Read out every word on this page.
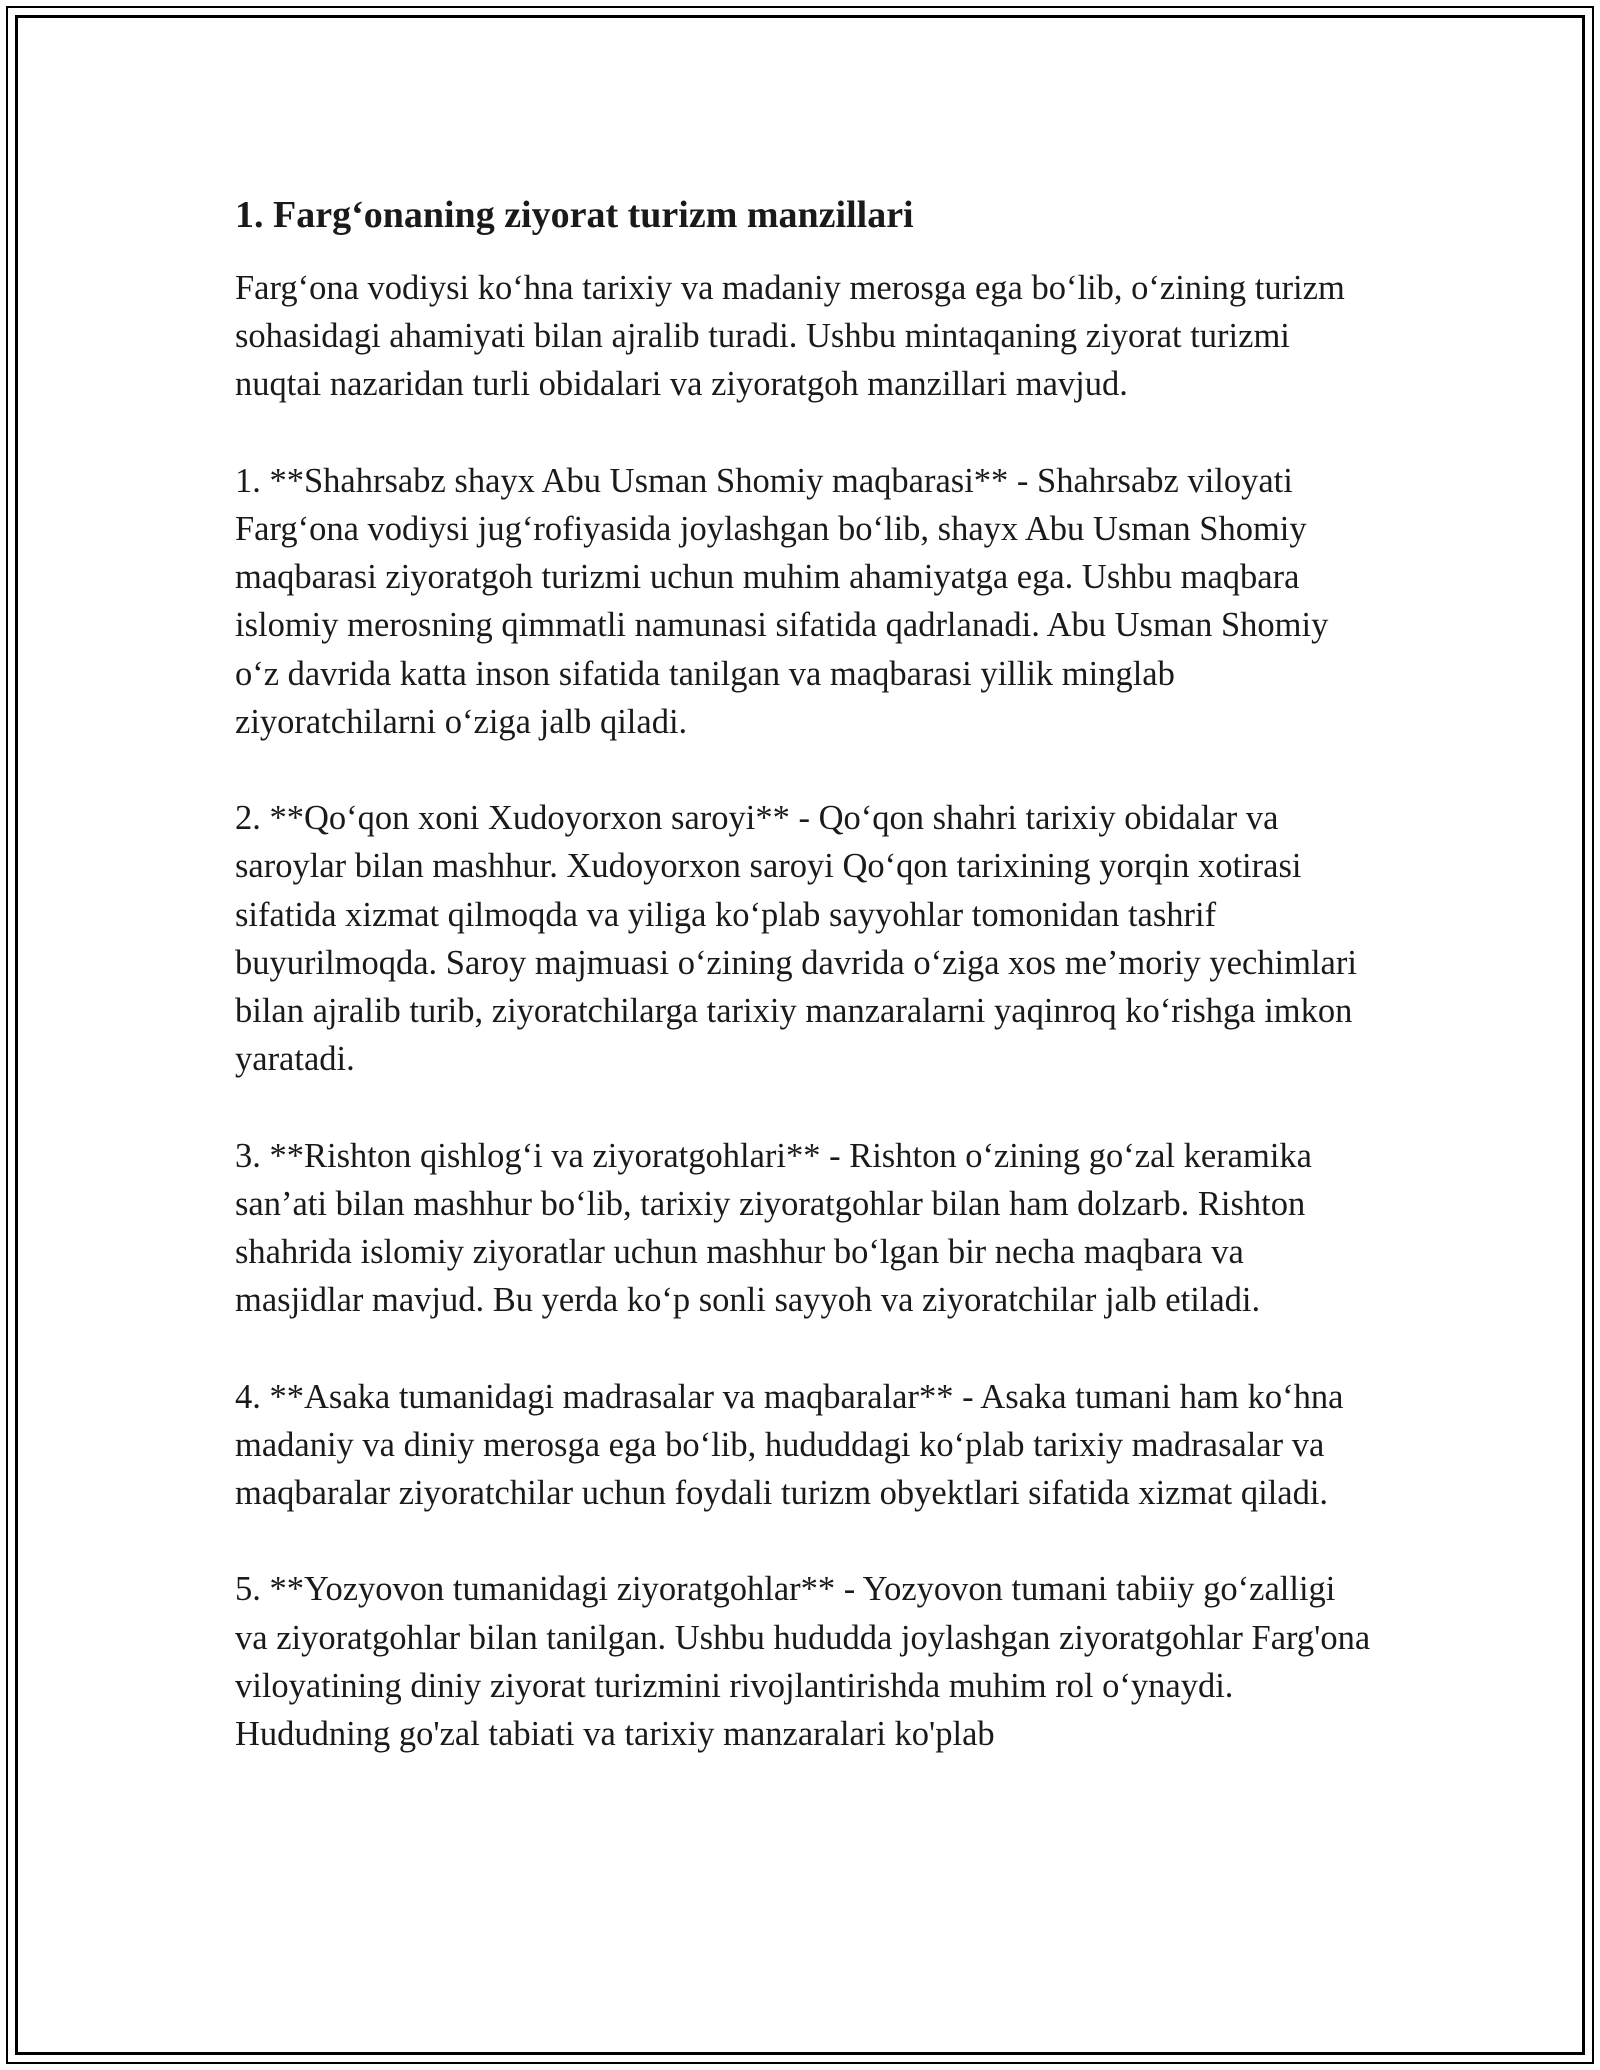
1. Farg‘onaning ziyorat turizm manzillari

Farg‘ona vodiysi ko‘hna tarixiy va madaniy merosga ega bo‘lib, o‘zining turizm sohasidagi ahamiyati bilan ajralib turadi. Ushbu mintaqaning ziyorat turizmi nuqtai nazaridan turli obidalari va ziyoratgoh manzillari mavjud.

1. **Shahrsabz shayx Abu Usman Shomiy maqbarasi** - Shahrsabz viloyati Farg‘ona vodiysi jug‘rofiyasida joylashgan bo‘lib, shayx Abu Usman Shomiy maqbarasi ziyoratgoh turizmi uchun muhim ahamiyatga ega. Ushbu maqbara islomiy merosning qimmatli namunasi sifatida qadrlanadi. Abu Usman Shomiy o‘z davrida katta inson sifatida tanilgan va maqbarasi yillik minglab ziyoratchilarni o‘ziga jalb qiladi.

2. **Qo‘qon xoni Xudoyorxon saroyi** - Qo‘qon shahri tarixiy obidalar va saroylar bilan mashhur. Xudoyorxon saroyi Qo‘qon tarixining yorqin xotirasi sifatida xizmat qilmoqda va yiliga ko‘plab sayyohlar tomonidan tashrif buyurilmoqda. Saroy majmuasi o‘zining davrida o‘ziga xos me’moriy yechimlari bilan ajralib turib, ziyoratchilarga tarixiy manzaralarni yaqinroq ko‘rishga imkon yaratadi.

3. **Rishton qishlog‘i va ziyoratgohlari** - Rishton o‘zining go‘zal keramika san’ati bilan mashhur bo‘lib, tarixiy ziyoratgohlar bilan ham dolzarb. Rishton shahrida islomiy ziyoratlar uchun mashhur bo‘lgan bir necha maqbara va masjidlar mavjud. Bu yerda ko‘p sonli sayyoh va ziyoratchilar jalb etiladi.

4. **Asaka tumanidagi madrasalar va maqbaralar** - Asaka tumani ham ko‘hna madaniy va diniy merosga ega bo‘lib, hududdagi ko‘plab tarixiy madrasalar va maqbaralar ziyoratchilar uchun foydali turizm obyektlari sifatida xizmat qiladi.

5. **Yozyovon tumanidagi ziyoratgohlar** - Yozyovon tumani tabiiy go‘zalligi va ziyoratgohlar bilan tanilgan. Ushbu hududda joylashgan ziyoratgohlar Farg'ona viloyatining diniy ziyorat turizmini rivojlantirishda muhim rol o‘ynaydi. Hududning go'zal tabiati va tarixiy manzaralari ko'plab
